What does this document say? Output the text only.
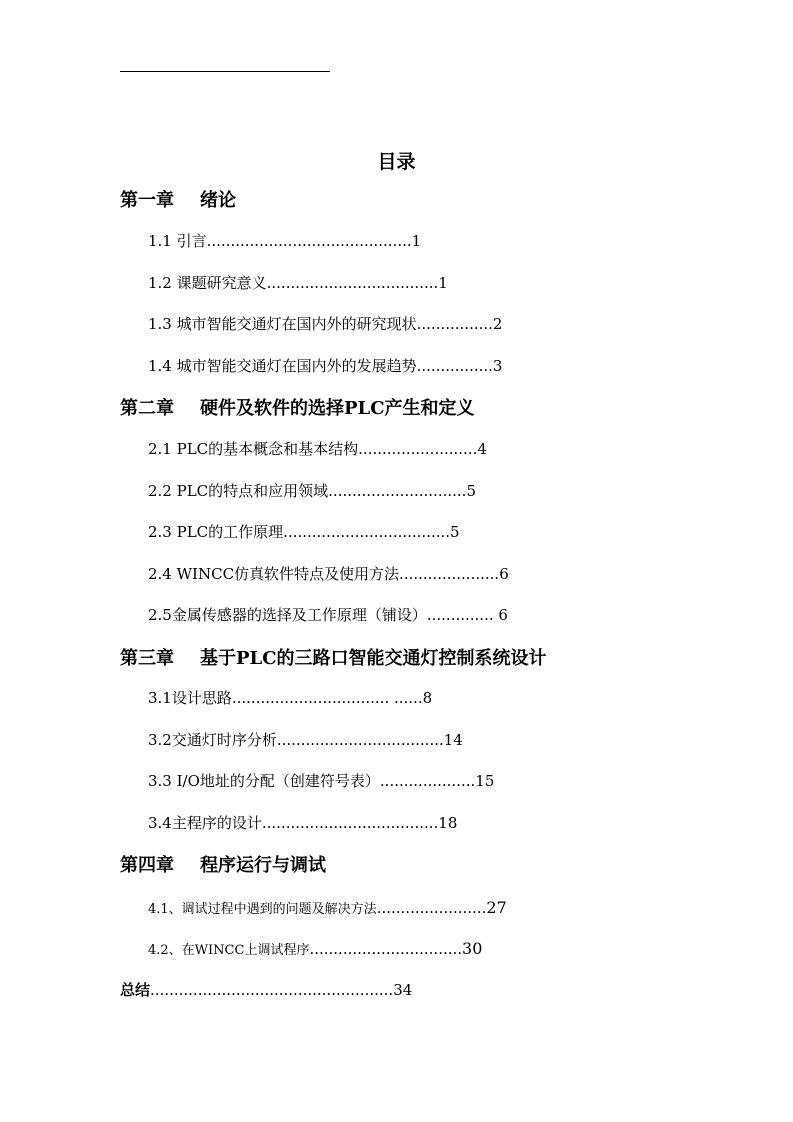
目录
第一章 绪论
1.1 引言...........................................1
1.2 课题研究意义....................................1
1.3 城市智能交通灯在国内外的研究现状................2
1.4 城市智能交通灯在国内外的发展趋势................3
第二章 硬件及软件的选择PLC产生和定义
2.1 PLC的基本概念和基本结构.........................4
2.2 PLC的特点和应用领域.............................5
2.3 PLC的工作原理...................................5
2.4 WINCC仿真软件特点及使用方法.....................6
2.5金属传感器的选择及工作原理（铺设）.............. 6
第三章 基于PLC的三路口智能交通灯控制系统设计
3.1设计思路................................. ......8
3.2交通灯时序分析...................................14
3.3 I/O地址的分配（创建符号表）....................15
3.4主程序的设计.....................................18
第四章 程序运行与调试
4.1、调试过程中遇到的问题及解决方法.......................27
4.2、在WINCC上调试程序................................30
总结...................................................34
